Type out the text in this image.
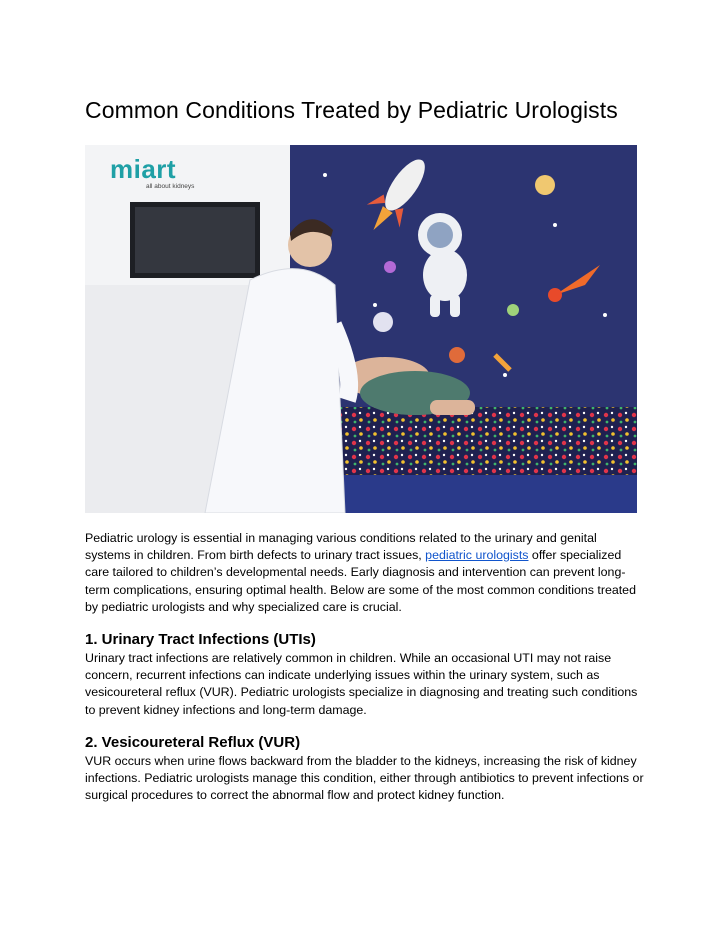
Common Conditions Treated by Pediatric Urologists
miart
all about kidneys

Pediatric urology is essential in managing various conditions related to the urinary and genital systems in children. From birth defects to urinary tract issues, pediatric urologists offer specialized care tailored to children’s developmental needs. Early diagnosis and intervention can prevent long-term complications, ensuring optimal health. Below are some of the most common conditions treated by pediatric urologists and why specialized care is crucial.

1. Urinary Tract Infections (UTIs)

Urinary tract infections are relatively common in children. While an occasional UTI may not raise concern, recurrent infections can indicate underlying issues within the urinary system, such as vesicoureteral reflux (VUR). Pediatric urologists specialize in diagnosing and treating such conditions to prevent kidney infections and long-term damage.

2. Vesicoureteral Reflux (VUR)

VUR occurs when urine flows backward from the bladder to the kidneys, increasing the risk of kidney infections. Pediatric urologists manage this condition, either through antibiotics to prevent infections or surgical procedures to correct the abnormal flow and protect kidney function.
